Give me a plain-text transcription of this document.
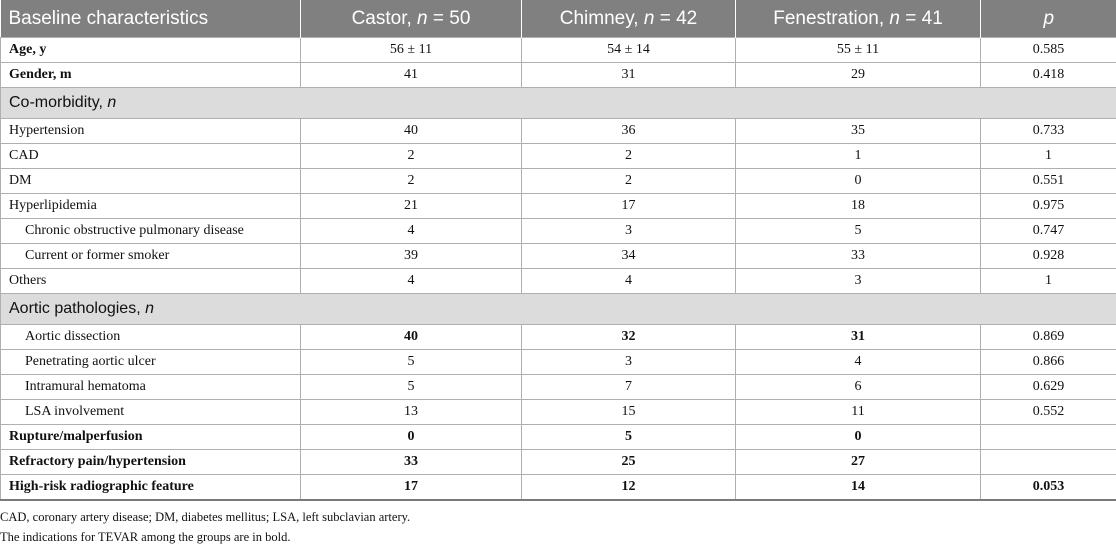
Baseline characteristics	Castor, n = 50	Chimney, n = 42	Fenestration, n = 41	p
Age, y	56 ± 11	54 ± 14	55 ± 11	0.585
Gender, m	41	31	29	0.418
Co-morbidity, n				
Hypertension	40	36	35	0.733
CAD	2	2	1	1
DM	2	2	0	0.551
Hyperlipidemia	21	17	18	0.975
Chronic obstructive pulmonary disease	4	3	5	0.747
Current or former smoker	39	34	33	0.928
Others	4	4	3	1
Aortic pathologies, n				
Aortic dissection	40	32	31	0.869
Penetrating aortic ulcer	5	3	4	0.866
Intramural hematoma	5	7	6	0.629
LSA involvement	13	15	11	0.552
Rupture/malperfusion	0	5	0	
Refractory pain/hypertension	33	25	27	
High-risk radiographic feature	17	12	14	0.053
CAD, coronary artery disease; DM, diabetes mellitus; LSA, left subclavian artery.
The indications for TEVAR among the groups are in bold.
